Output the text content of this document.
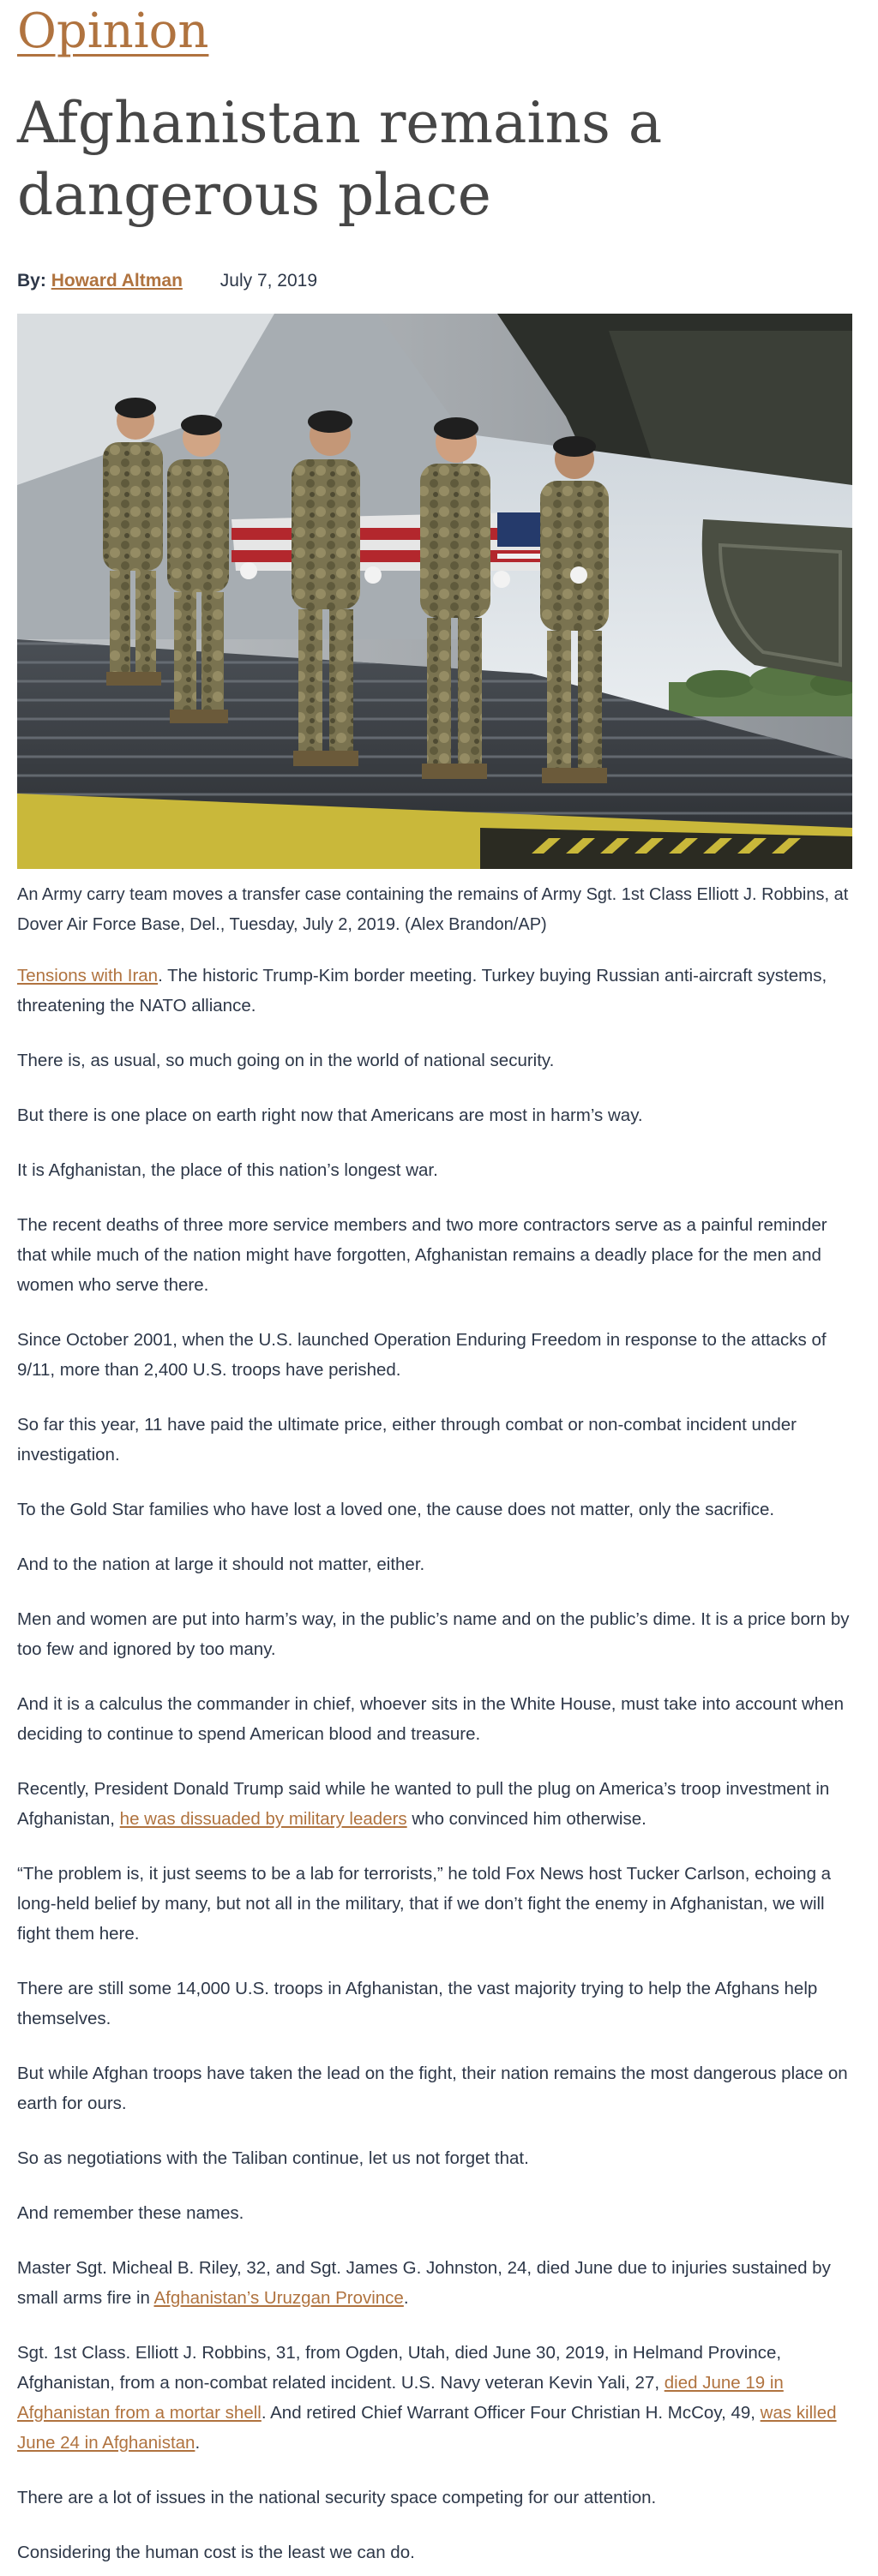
Opinion
Afghanistan remains a dangerous place
By: Howard Altman July 7, 2019
An Army carry team moves a transfer case containing the remains of Army Sgt. 1st Class Elliott J. Robbins, at Dover Air Force Base, Del., Tuesday, July 2, 2019. (Alex Brandon/AP)

Tensions with Iran. The historic Trump-Kim border meeting. Turkey buying Russian anti-aircraft systems, threatening the NATO alliance.

There is, as usual, so much going on in the world of national security.

But there is one place on earth right now that Americans are most in harm’s way.

It is Afghanistan, the place of this nation’s longest war.

The recent deaths of three more service members and two more contractors serve as a painful reminder that while much of the nation might have forgotten, Afghanistan remains a deadly place for the men and women who serve there.

Since October 2001, when the U.S. launched Operation Enduring Freedom in response to the attacks of 9/11, more than 2,400 U.S. troops have perished.

So far this year, 11 have paid the ultimate price, either through combat or non-combat incident under investigation.

To the Gold Star families who have lost a loved one, the cause does not matter, only the sacrifice.

And to the nation at large it should not matter, either.

Men and women are put into harm’s way, in the public’s name and on the public’s dime. It is a price born by too few and ignored by too many.

And it is a calculus the commander in chief, whoever sits in the White House, must take into account when deciding to continue to spend American blood and treasure.

Recently, President Donald Trump said while he wanted to pull the plug on America’s troop investment in Afghanistan, he was dissuaded by military leaders who convinced him otherwise.

“The problem is, it just seems to be a lab for terrorists,” he told Fox News host Tucker Carlson, echoing a long-held belief by many, but not all in the military, that if we don’t fight the enemy in Afghanistan, we will fight them here.

There are still some 14,000 U.S. troops in Afghanistan, the vast majority trying to help the Afghans help themselves.

But while Afghan troops have taken the lead on the fight, their nation remains the most dangerous place on earth for ours.

So as negotiations with the Taliban continue, let us not forget that.

And remember these names.

Master Sgt. Micheal B. Riley, 32, and Sgt. James G. Johnston, 24, died June due to injuries sustained by small arms fire in Afghanistan’s Uruzgan Province.

Sgt. 1st Class. Elliott J. Robbins, 31, from Ogden, Utah, died June 30, 2019, in Helmand Province, Afghanistan, from a non-combat related incident. U.S. Navy veteran Kevin Yali, 27, died June 19 in Afghanistan from a mortar shell. And retired Chief Warrant Officer Four Christian H. McCoy, 49, was killed June 24 in Afghanistan.

There are a lot of issues in the national security space competing for our attention.

Considering the human cost is the least we can do.
